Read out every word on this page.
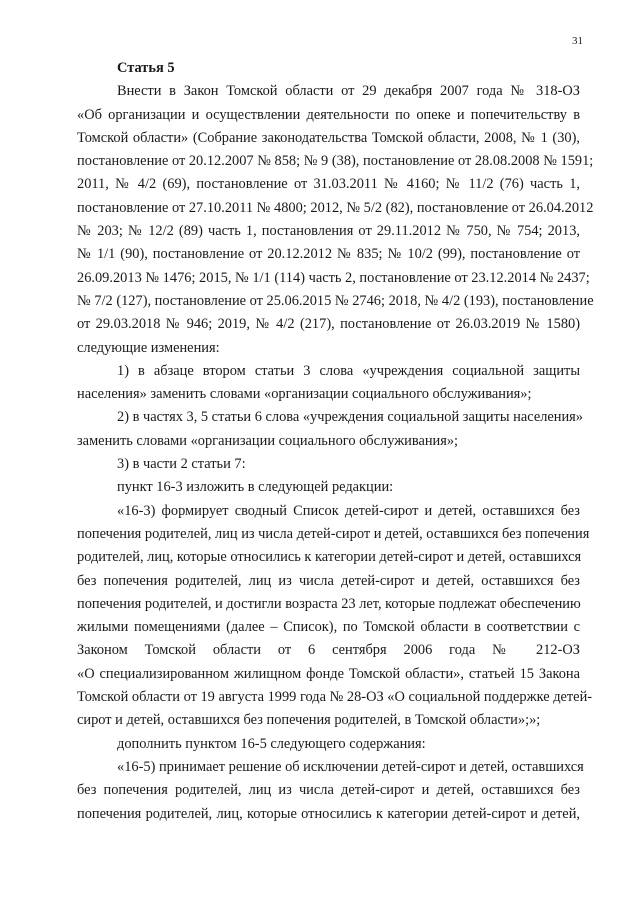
31

Статья 5

Внести в Закон Томской области от 29 декабря 2007 года № 318-ОЗ
«Об организации и осуществлении деятельности по опеке и попечительству в
Томской области» (Собрание законодательства Томской области, 2008, № 1 (30),
постановление от 20.12.2007 № 858; № 9 (38), постановление от 28.08.2008 № 1591;
2011, № 4/2 (69), постановление от 31.03.2011 № 4160; № 11/2 (76) часть 1,
постановление от 27.10.2011 № 4800; 2012, № 5/2 (82), постановление от 26.04.2012
№ 203; № 12/2 (89) часть 1, постановления от 29.11.2012 № 750, № 754; 2013,
№ 1/1 (90), постановление от 20.12.2012 № 835; № 10/2 (99), постановление от
26.09.2013 № 1476; 2015, № 1/1 (114) часть 2, постановление от 23.12.2014 № 2437;
№ 7/2 (127), постановление от 25.06.2015 № 2746; 2018, № 4/2 (193), постановление
от 29.03.2018 № 946; 2019, № 4/2 (217), постановление от 26.03.2019 № 1580)
следующие изменения:
1) в абзаце втором статьи 3 слова «учреждения социальной защиты
населения» заменить словами «организации социального обслуживания»;
2) в частях 3, 5 статьи 6 слова «учреждения социальной защиты населения»
заменить словами «организации социального обслуживания»;
3) в части 2 статьи 7:
пункт 16-3 изложить в следующей редакции:
«16-3) формирует сводный Список детей-сирот и детей, оставшихся без
попечения родителей, лиц из числа детей-сирот и детей, оставшихся без попечения
родителей, лиц, которые относились к категории детей-сирот и детей, оставшихся
без попечения родителей, лиц из числа детей-сирот и детей, оставшихся без
попечения родителей, и достигли возраста 23 лет, которые подлежат обеспечению
жилыми помещениями (далее – Список), по Томской области в соответствии с
Законом Томской области от 6 сентября 2006 года № 212-ОЗ
«О специализированном жилищном фонде Томской области», статьей 15 Закона
Томской области от 19 августа 1999 года № 28-ОЗ «О социальной поддержке детей-
сирот и детей, оставшихся без попечения родителей, в Томской области»;»;
дополнить пунктом 16-5 следующего содержания:
«16-5) принимает решение об исключении детей-сирот и детей, оставшихся
без попечения родителей, лиц из числа детей-сирот и детей, оставшихся без
попечения родителей, лиц, которые относились к категории детей-сирот и детей,
